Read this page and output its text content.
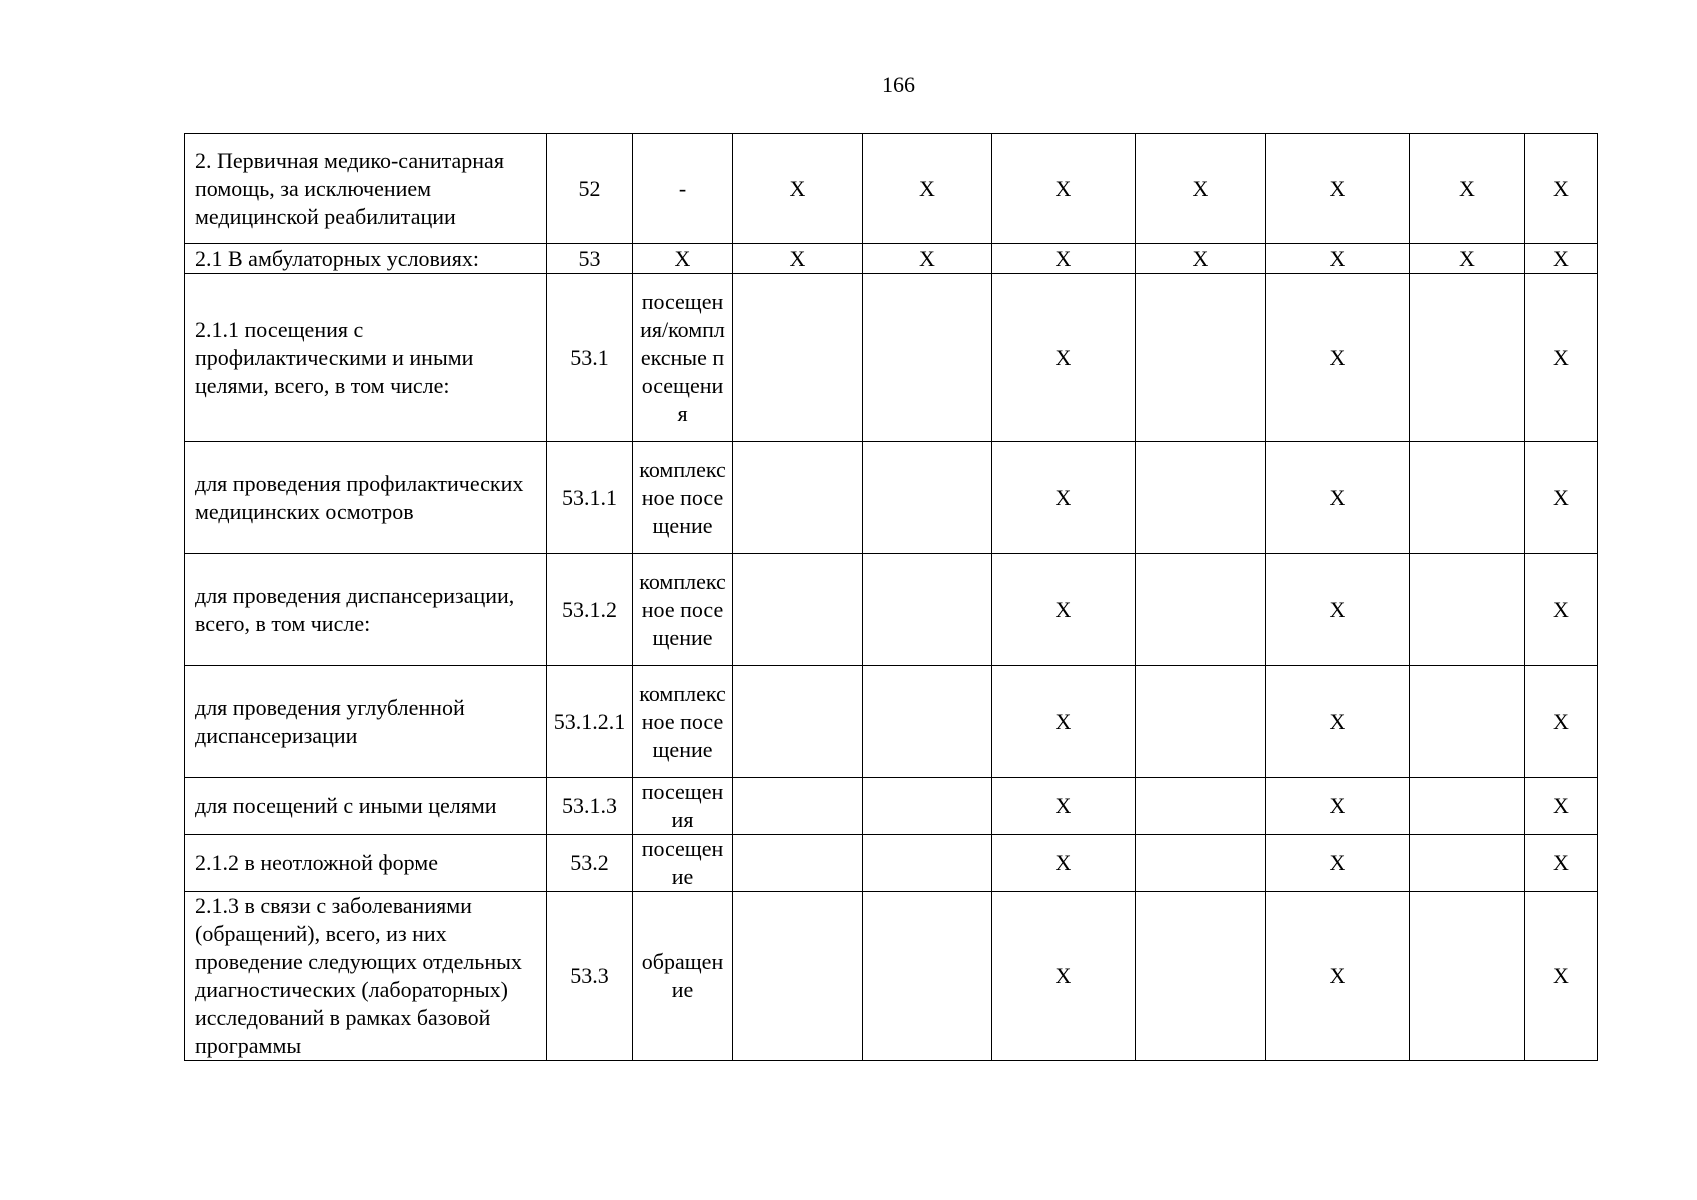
166
2. Первичная медико-санитарная помощь, за исключением медицинской реабилитации	52	-	Х	Х	Х	Х	Х	Х	Х
2.1 В амбулаторных условиях:	53	Х	Х	Х	Х	Х	Х	Х	Х
2.1.1 посещения с профилактическими и иными целями, всего, в том числе:	53.1	посещения/комплексные посещения			Х		Х		Х
для проведения профилактических медицинских осмотров	53.1.1	комплексное посещение			Х		Х		Х
для проведения диспансеризации, всего, в том числе:	53.1.2	комплексное посещение			Х		Х		Х
для проведения углубленной диспансеризации	53.1.2.1	комплексное посещение			Х		Х		Х
для посещений с иными целями	53.1.3	посещения			Х		Х		Х
2.1.2 в неотложной форме	53.2	посещение			Х		Х		Х
2.1.3 в связи с заболеваниями (обращений), всего, из них проведение следующих отдельных диагностических (лабораторных) исследований в рамках базовой программы	53.3	обращение			Х		Х		Х
